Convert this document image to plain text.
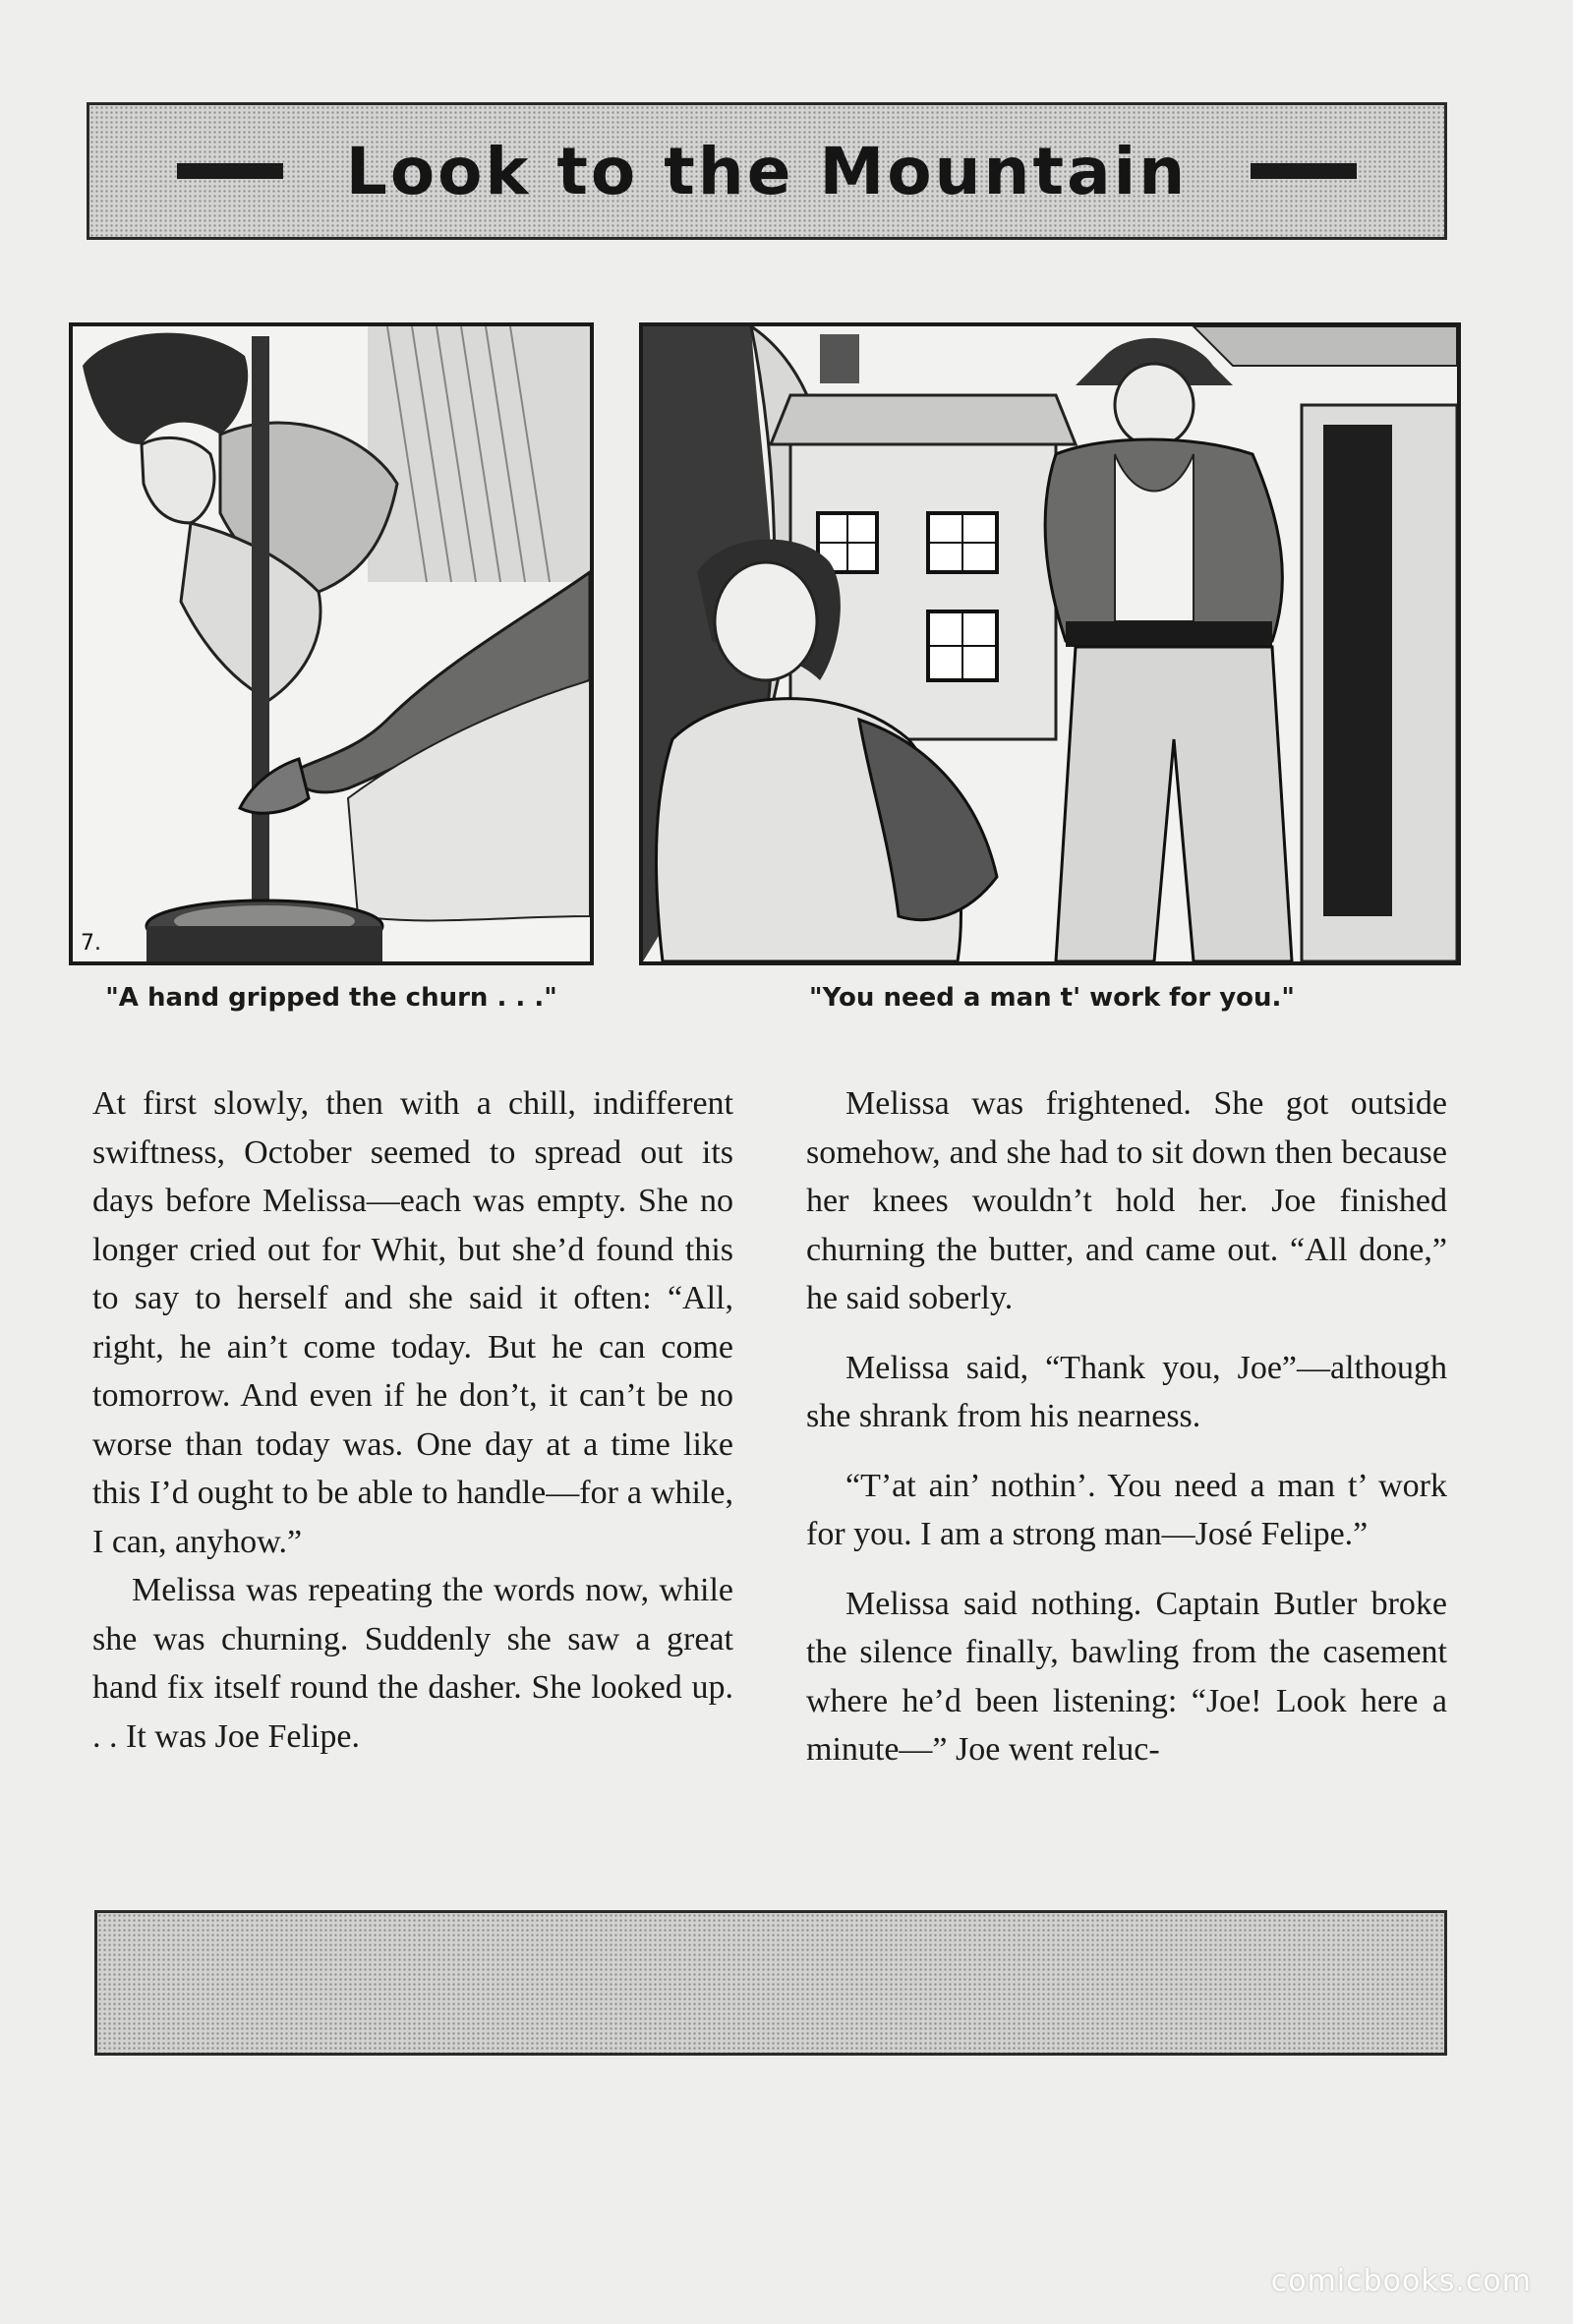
Look to the Mountain
7.
"A hand gripped the churn . . ."	"You need a man t' work for you."

At first slowly, then with a chill, indifferent swiftness, October seemed to spread out its days before Melissa—each was empty. She no longer cried out for Whit, but she’d found this to say to herself and she said it often: “All, right, he ain’t come today. But he can come tomorrow. And even if he don’t, it can’t be no worse than today was. One day at a time like this I’d ought to be able to handle—for a while, I can, anyhow.”

Melissa was repeating the words now, while she was churning. Suddenly she saw a great hand fix itself round the dasher. She looked up. . . It was Joe Felipe.

Melissa was frightened. She got outside somehow, and she had to sit down then because her knees wouldn’t hold her. Joe finished churning the butter, and came out. “All done,” he said soberly.

Melissa said, “Thank you, Joe”—although she shrank from his nearness.

“T’at ain’ nothin’. You need a man t’ work for you. I am a strong man—José Felipe.”

Melissa said nothing. Captain Butler broke the silence finally, bawling from the casement where he’d been listening: “Joe! Look here a minute—” Joe went reluc-

comicbooks.com
